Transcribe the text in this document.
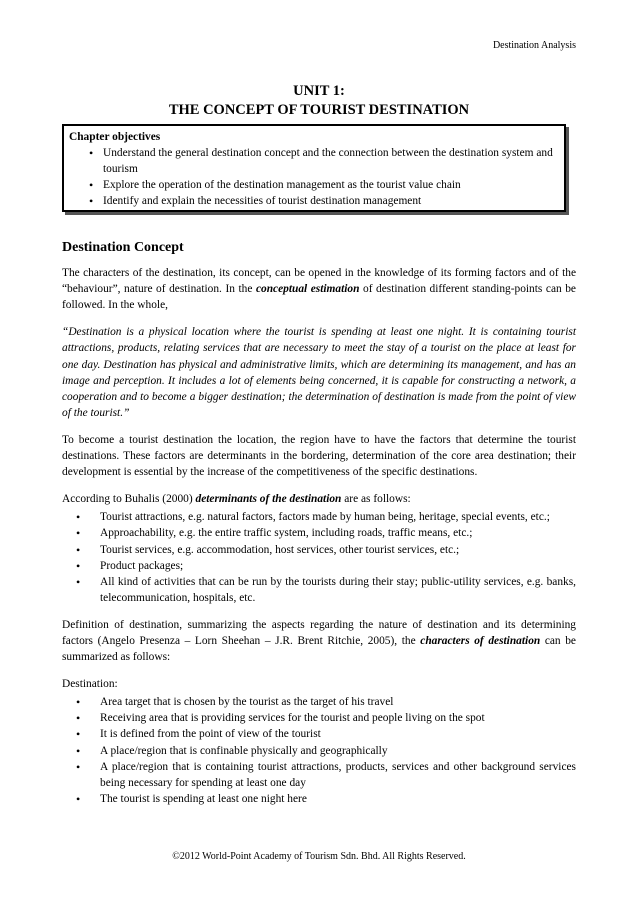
Destination Analysis
UNIT 1:
THE CONCEPT OF TOURIST DESTINATION
Chapter objectives
• Understand the general destination concept and the connection between the destination system and tourism
• Explore the operation of the destination management as the tourist value chain
• Identify and explain the necessities of tourist destination management
Destination Concept

The characters of the destination, its concept, can be opened in the knowledge of its forming factors and of the “behaviour”, nature of destination. In the conceptual estimation of destination different standing-points can be followed. In the whole,

“Destination is a physical location where the tourist is spending at least one night. It is containing tourist attractions, products, relating services that are necessary to meet the stay of a tourist on the place at least for one day. Destination has physical and administrative limits, which are determining its management, and has an image and perception. It includes a lot of elements being concerned, it is capable for constructing a network, a cooperation and to become a bigger destination; the determination of destination is made from the point of view of the tourist.”

To become a tourist destination the location, the region have to have the factors that determine the tourist destinations. These factors are determinants in the bordering, determination of the core area destination; their development is essential by the increase of the competitiveness of the specific destinations.

According to Buhalis (2000) determinants of the destination are as follows:

• Tourist attractions, e.g. natural factors, factors made by human being, heritage, special events, etc.;
• Approachability, e.g. the entire traffic system, including roads, traffic means, etc.;
• Tourist services, e.g. accommodation, host services, other tourist services, etc.;
• Product packages;
• All kind of activities that can be run by the tourists during their stay; public-utility services, e.g. banks, telecommunication, hospitals, etc.

Definition of destination, summarizing the aspects regarding the nature of destination and its determining factors (Angelo Presenza – Lorn Sheehan – J.R. Brent Ritchie, 2005), the characters of destination can be summarized as follows:

Destination:

• Area target that is chosen by the tourist as the target of his travel
• Receiving area that is providing services for the tourist and people living on the spot
• It is defined from the point of view of the tourist
• A place/region that is confinable physically and geographically
• A place/region that is containing tourist attractions, products, services and other background services being necessary for spending at least one day
• The tourist is spending at least one night here
©2012 World-Point Academy of Tourism Sdn. Bhd. All Rights Reserved.
